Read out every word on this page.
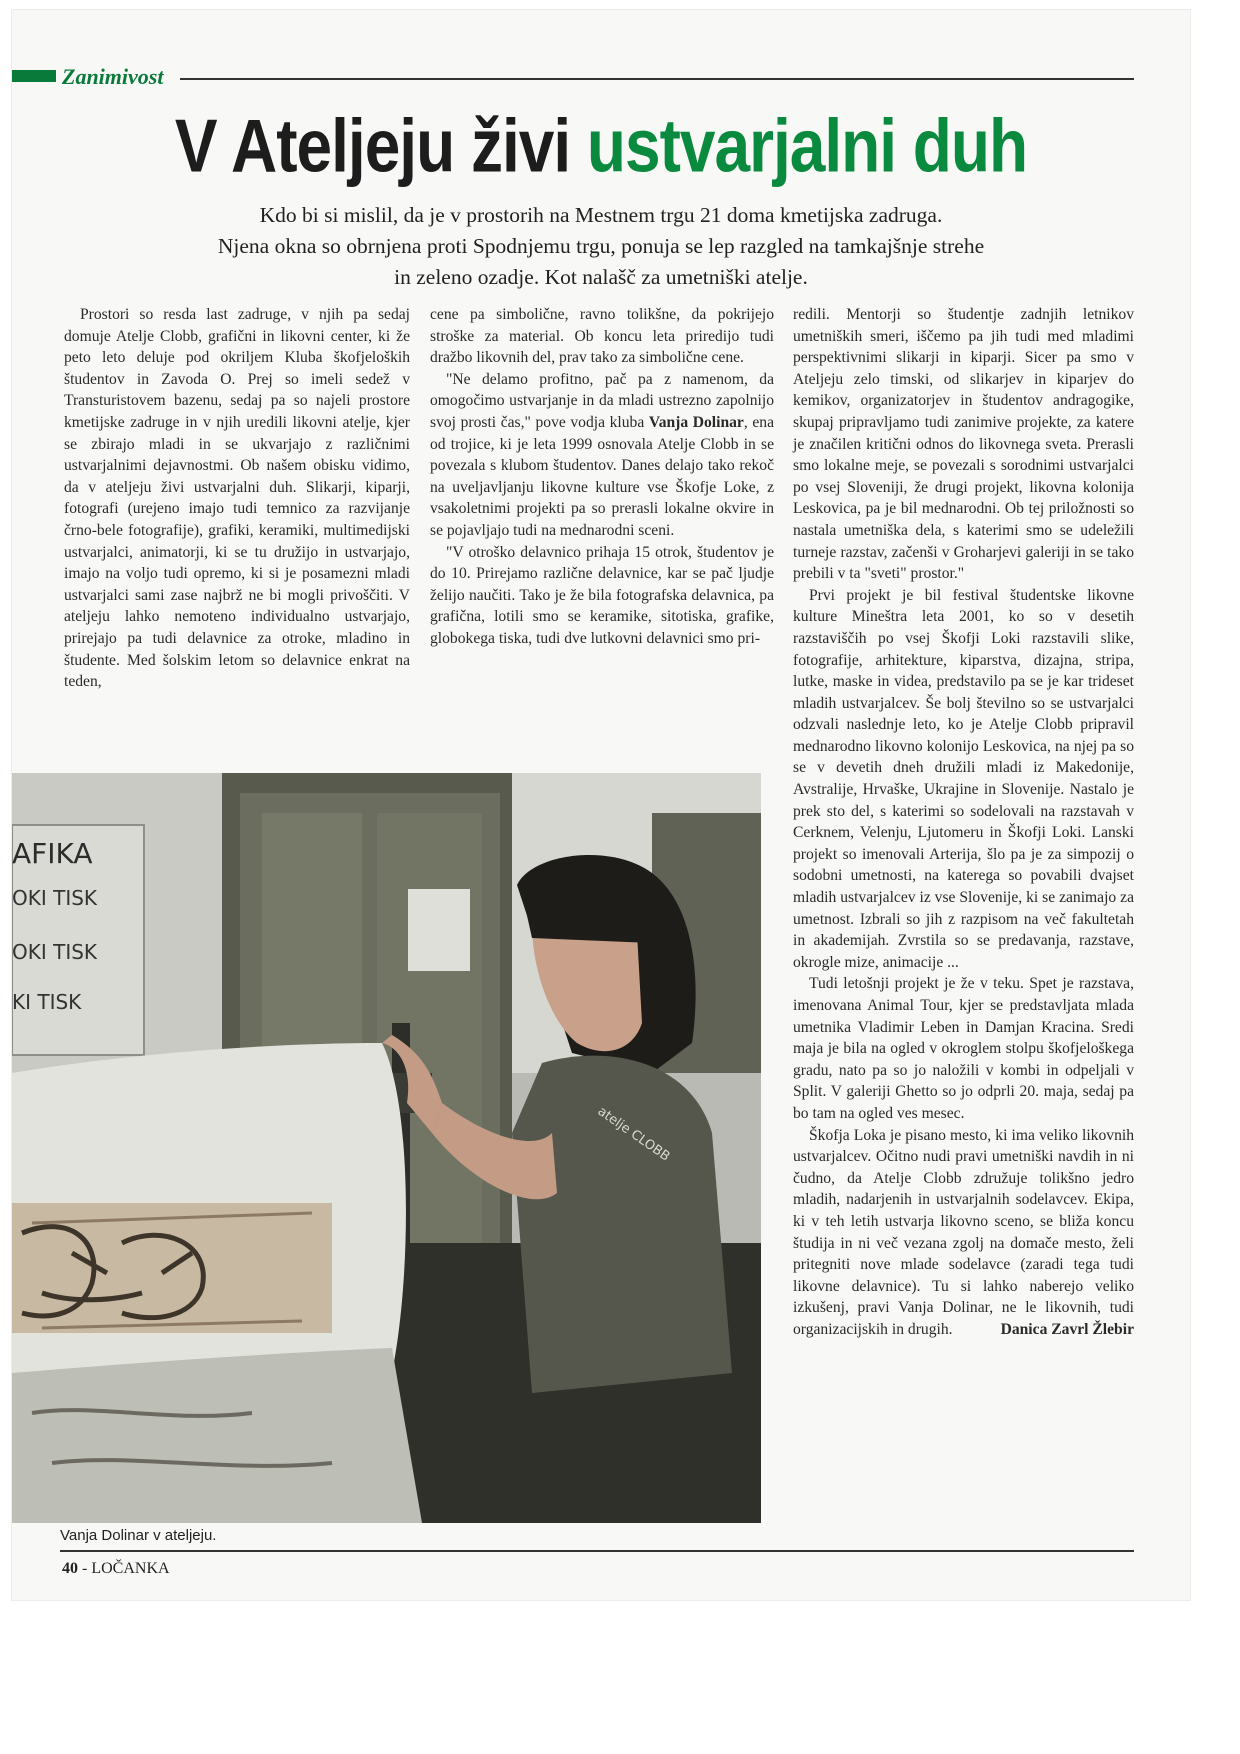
Zanimivost
V Ateljeju živi ustvarjalni duh
Kdo bi si mislil, da je v prostorih na Mestnem trgu 21 doma kmetijska zadruga.
Njena okna so obrnjena proti Spodnjemu trgu, ponuja se lep razgled na tamkajšnje strehe
in zeleno ozadje. Kot nalašč za umetniški atelje.

Prostori so resda last zadruge, v njih pa sedaj domuje Atelje Clobb, grafični in likovni center, ki že peto leto deluje pod okriljem Kluba škofjeloških študentov in Zavoda O. Prej so imeli sedež v Transturistovem bazenu, sedaj pa so najeli prostore kmetijske zadruge in v njih uredili likovni atelje, kjer se zbirajo mladi in se ukvarjajo z različnimi ustvarjalnimi dejavnostmi. Ob našem obisku vidimo, da v ateljeju živi ustvarjalni duh. Slikarji, kiparji, fotografi (urejeno imajo tudi temnico za razvijanje črno-bele fotografije), grafiki, keramiki, multimedijski ustvarjalci, animatorji, ki se tu družijo in ustvarjajo, imajo na voljo tudi opremo, ki si je posamezni mladi ustvarjalci sami zase najbrž ne bi mogli privoščiti. V ateljeju lahko nemoteno individualno ustvarjajo, prirejajo pa tudi delavnice za otroke, mladino in študente. Med šolskim letom so delavnice enkrat na teden,

cene pa simbolične, ravno tolikšne, da pokrijejo stroške za material. Ob koncu leta priredijo tudi dražbo likovnih del, prav tako za simbolične cene.

"Ne delamo profitno, pač pa z namenom, da omogočimo ustvarjanje in da mladi ustrezno zapolnijo svoj prosti čas," pove vodja kluba Vanja Dolinar, ena od trojice, ki je leta 1999 osnovala Atelje Clobb in se povezala s klubom študentov. Danes delajo tako rekoč na uveljavljanju likovne kulture vse Škofje Loke, z vsakoletnimi projekti pa so prerasli lokalne okvire in se pojavljajo tudi na mednarodni sceni.

"V otroško delavnico prihaja 15 otrok, študentov je do 10. Prirejamo različne delavnice, kar se pač ljudje želijo naučiti. Tako je že bila fotografska delavnica, pa grafična, lotili smo se keramike, sitotiska, grafike, globokega tiska, tudi dve lutkovni delavnici smo pri-

redili. Mentorji so študentje zadnjih letnikov umetniških smeri, iščemo pa jih tudi med mladimi perspektivnimi slikarji in kiparji. Sicer pa smo v Ateljeju zelo timski, od slikarjev in kiparjev do kemikov, organizatorjev in študentov andragogike, skupaj pripravljamo tudi zanimive projekte, za katere je značilen kritični odnos do likovnega sveta. Prerasli smo lokalne meje, se povezali s sorodnimi ustvarjalci po vsej Sloveniji, že drugi projekt, likovna kolonija Leskovica, pa je bil mednarodni. Ob tej priložnosti so nastala umetniška dela, s katerimi smo se udeležili turneje razstav, začenši v Groharjevi galeriji in se tako prebili v ta "sveti" prostor."

Prvi projekt je bil festival študentske likovne kulture Mineštra leta 2001, ko so v desetih razstaviščih po vsej Škofji Loki razstavili slike, fotografije, arhitekture, kiparstva, dizajna, stripa, lutke, maske in videa, predstavilo pa se je kar trideset mladih ustvarjalcev. Še bolj številno so se ustvarjalci odzvali naslednje leto, ko je Atelje Clobb pripravil mednarodno likovno kolonijo Leskovica, na njej pa so se v devetih dneh družili mladi iz Makedonije, Avstralije, Hrvaške, Ukrajine in Slovenije. Nastalo je prek sto del, s katerimi so sodelovali na razstavah v Cerknem, Velenju, Ljutomeru in Škofji Loki. Lanski projekt so imenovali Arterija, šlo pa je za simpozij o sodobni umetnosti, na katerega so povabili dvajset mladih ustvarjalcev iz vse Slovenije, ki se zanimajo za umetnost. Izbrali so jih z razpisom na več fakultetah in akademijah. Zvrstila so se predavanja, razstave, okrogle mize, animacije ...

Tudi letošnji projekt je že v teku. Spet je razstava, imenovana Animal Tour, kjer se predstavljata mlada umetnika Vladimir Leben in Damjan Kracina. Sredi maja je bila na ogled v okroglem stolpu škofjeloškega gradu, nato pa so jo naložili v kombi in odpeljali v Split. V galeriji Ghetto so jo odprli 20. maja, sedaj pa bo tam na ogled ves mesec.

Škofja Loka je pisano mesto, ki ima veliko likovnih ustvarjalcev. Očitno nudi pravi umetniški navdih in ni čudno, da Atelje Clobb združuje tolikšno jedro mladih, nadarjenih in ustvarjalnih sodelavcev. Ekipa, ki v teh letih ustvarja likovno sceno, se bliža koncu študija in ni več vezana zgolj na domače mesto, želi pritegniti nove mlade sodelavce (zaradi tega tudi likovne delavnice). Tu si lahko naberejo veliko izkušenj, pravi Vanja Dolinar, ne le likovnih, tudi organizacijskih in drugih.	Danica Zavrl Žlebir

AFIKA
OKI TISK
OKI TISK
KI TISK
atelje CLOBB
Vanja Dolinar v ateljeju.
40 - LOČANKA
